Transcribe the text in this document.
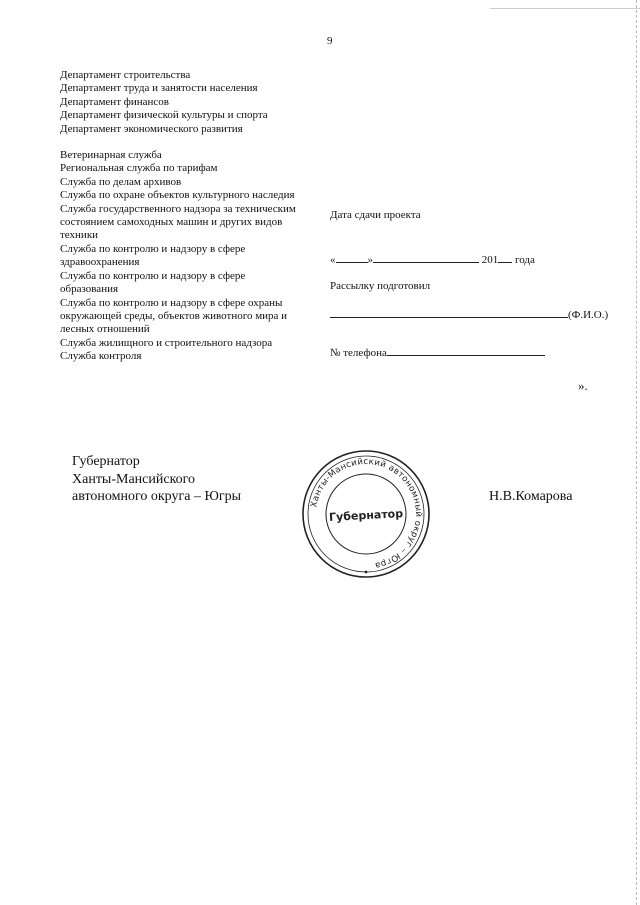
9
Департамент строительства
Департамент труда и занятости населения
Департамент финансов
Департамент физической культуры и спорта
Департамент экономического развития
Ветеринарная служба
Региональная служба по тарифам
Служба по делам архивов
Служба по охране объектов культурного наследия
Служба государственного надзора за техническим состоянием самоходных машин и других видов техники
Служба по контролю и надзору в сфере здравоохранения
Служба по контролю и надзору в сфере образования
Служба по контролю и надзору в сфере охраны окружающей среды, объектов животного мира и лесных отношений
Служба жилищного и строительного надзора
Служба контроля
Дата сдачи проекта
«	»	201 года
Рассылку подготовил
(Ф.И.О.)
№ телефона
».
Губернатор
Ханты-Мансийского
автономного округа – Югры
Ханты-Мансийский автономный округ – Югра
Губернатор
Н.В.Комарова
